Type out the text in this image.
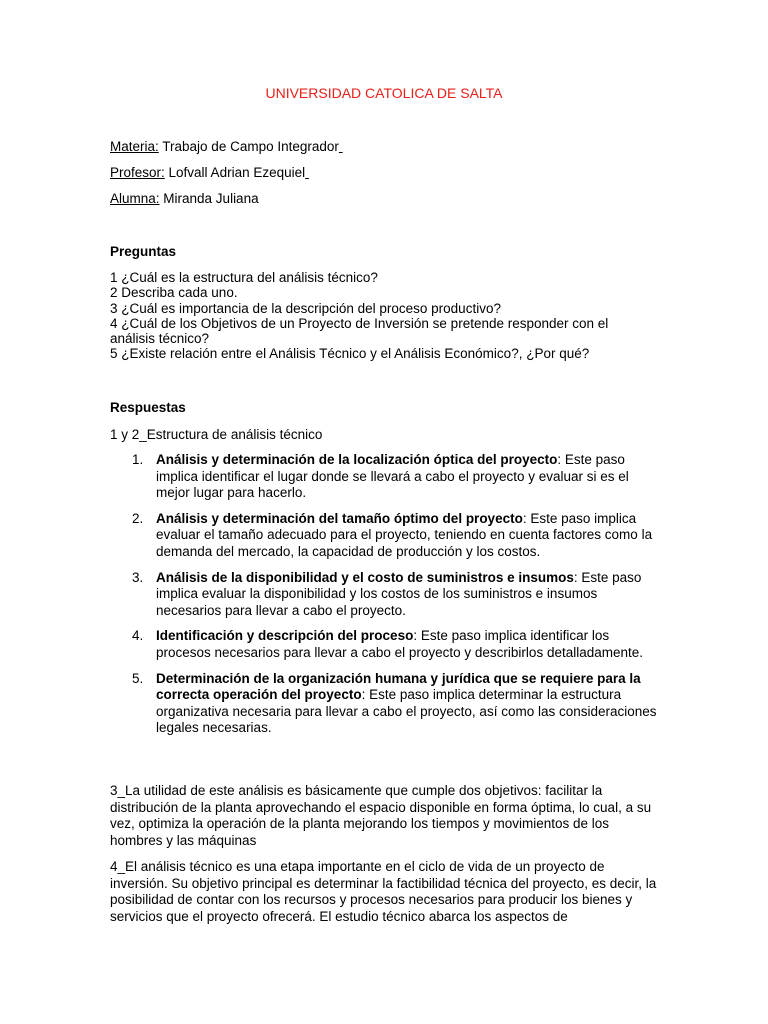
UNIVERSIDAD CATOLICA DE SALTA
Materia: Trabajo de Campo Integrador
Profesor: Lofvall Adrian Ezequiel
Alumna: Miranda Juliana
Preguntas

1 ¿Cuál es la estructura del análisis técnico?

2 Describa cada uno.

3 ¿Cuál es importancia de la descripción del proceso productivo?

4 ¿Cuál de los Objetivos de un Proyecto de Inversión se pretende responder con el análisis técnico?

5 ¿Existe relación entre el Análisis Técnico y el Análisis Económico?, ¿Por qué?

Respuestas
1 y 2_Estructura de análisis técnico
1. Análisis y determinación de la localización óptica del proyecto: Este paso implica identificar el lugar donde se llevará a cabo el proyecto y evaluar si es el mejor lugar para hacerlo.
2. Análisis y determinación del tamaño óptimo del proyecto: Este paso implica evaluar el tamaño adecuado para el proyecto, teniendo en cuenta factores como la demanda del mercado, la capacidad de producción y los costos.
3. Análisis de la disponibilidad y el costo de suministros e insumos: Este paso implica evaluar la disponibilidad y los costos de los suministros e insumos necesarios para llevar a cabo el proyecto.
4. Identificación y descripción del proceso: Este paso implica identificar los procesos necesarios para llevar a cabo el proyecto y describirlos detalladamente.
5. Determinación de la organización humana y jurídica que se requiere para la correcta operación del proyecto: Este paso implica determinar la estructura organizativa necesaria para llevar a cabo el proyecto, así como las consideraciones legales necesarias.
3_La utilidad de este análisis es básicamente que cumple dos objetivos: facilitar la distribución de la planta aprovechando el espacio disponible en forma óptima, lo cual, a su vez, optimiza la operación de la planta mejorando los tiempos y movimientos de los hombres y las máquinas
4_El análisis técnico es una etapa importante en el ciclo de vida de un proyecto de inversión. Su objetivo principal es determinar la factibilidad técnica del proyecto, es decir, la posibilidad de contar con los recursos y procesos necesarios para producir los bienes y servicios que el proyecto ofrecerá. El estudio técnico abarca los aspectos de
